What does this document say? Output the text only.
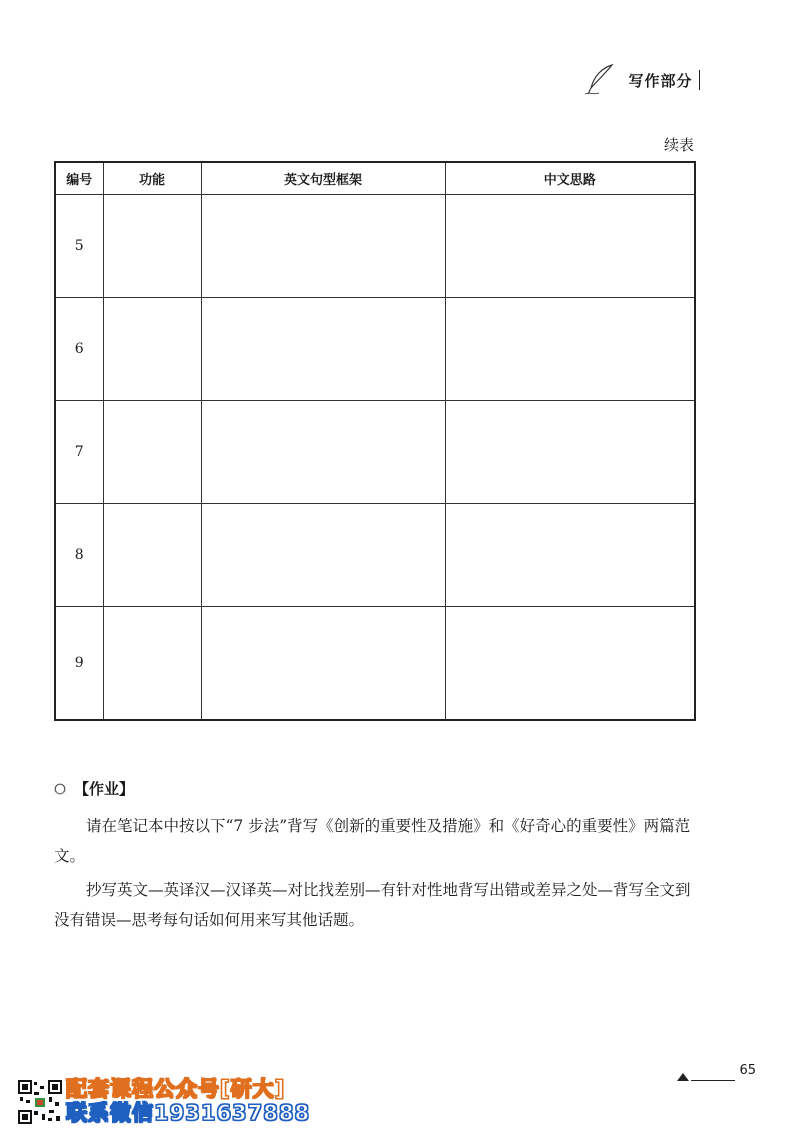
写作部分
续表
编号	功能	英文句型框架	中文思路
5			
6			
7			
8			
9			
【作业】

请在笔记本中按以下“7 步法”背写《创新的重要性及措施》和《好奇心的重要性》两篇范文。

抄写英文—英译汉—汉译英—对比找差别—有针对性地背写出错或差异之处—背写全文到没有错误—思考每句话如何用来写其他话题。

65
配套课程公众号[研大]
联系微信1931637888
